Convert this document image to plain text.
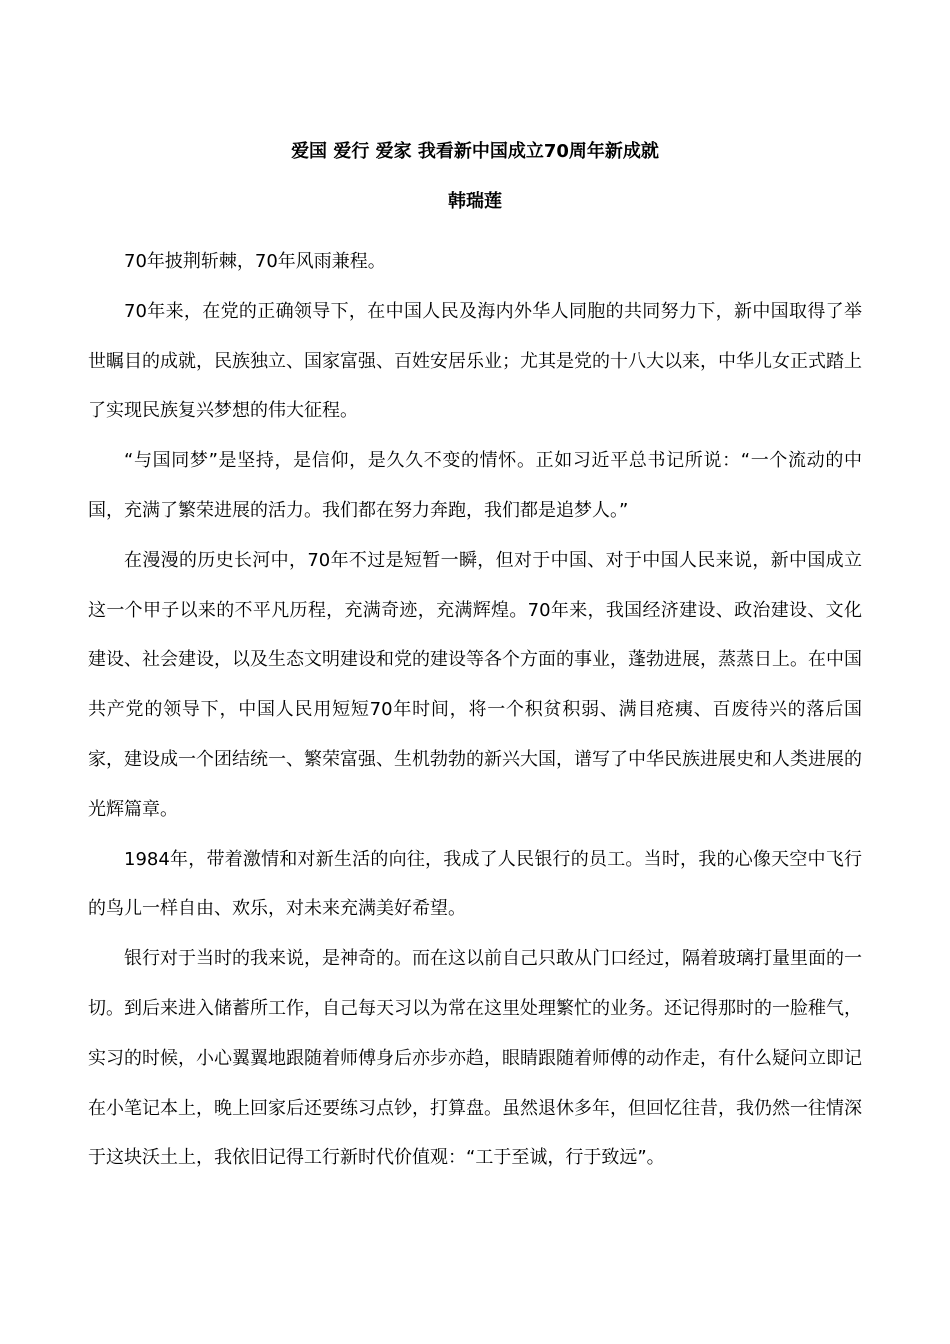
爱国 爱行 爱家 我看新中国成立70周年新成就
韩瑞莲

70年披荆斩棘，70年风雨兼程。

70年来，在党的正确领导下，在中国人民及海内外华人同胞的共同努力下，新中国取得了举世瞩目的成就，民族独立、国家富强、百姓安居乐业；尤其是党的十八大以来，中华儿女正式踏上了实现民族复兴梦想的伟大征程。

“与国同梦”是坚持，是信仰，是久久不变的情怀。正如习近平总书记所说：“一个流动的中国，充满了繁荣进展的活力。我们都在努力奔跑，我们都是追梦人。”

在漫漫的历史长河中，70年不过是短暂一瞬，但对于中国、对于中国人民来说，新中国成立这一个甲子以来的不平凡历程，充满奇迹，充满辉煌。70年来，我国经济建设、政治建设、文化建设、社会建设，以及生态文明建设和党的建设等各个方面的事业，蓬勃进展，蒸蒸日上。在中国共产党的领导下，中国人民用短短70年时间，将一个积贫积弱、满目疮痍、百废待兴的落后国家，建设成一个团结统一、繁荣富强、生机勃勃的新兴大国，谱写了中华民族进展史和人类进展的光辉篇章。

1984年，带着激情和对新生活的向往，我成了人民银行的员工。当时，我的心像天空中飞行的鸟儿一样自由、欢乐，对未来充满美好希望。

银行对于当时的我来说，是神奇的。而在这以前自己只敢从门口经过，隔着玻璃打量里面的一切。到后来进入储蓄所工作，自己每天习以为常在这里处理繁忙的业务。还记得那时的一脸稚气，实习的时候，小心翼翼地跟随着师傅身后亦步亦趋，眼睛跟随着师傅的动作走，有什么疑问立即记在小笔记本上，晚上回家后还要练习点钞，打算盘。虽然退休多年，但回忆往昔，我仍然一往情深于这块沃土上，我依旧记得工行新时代价值观：“工于至诚，行于致远”。
